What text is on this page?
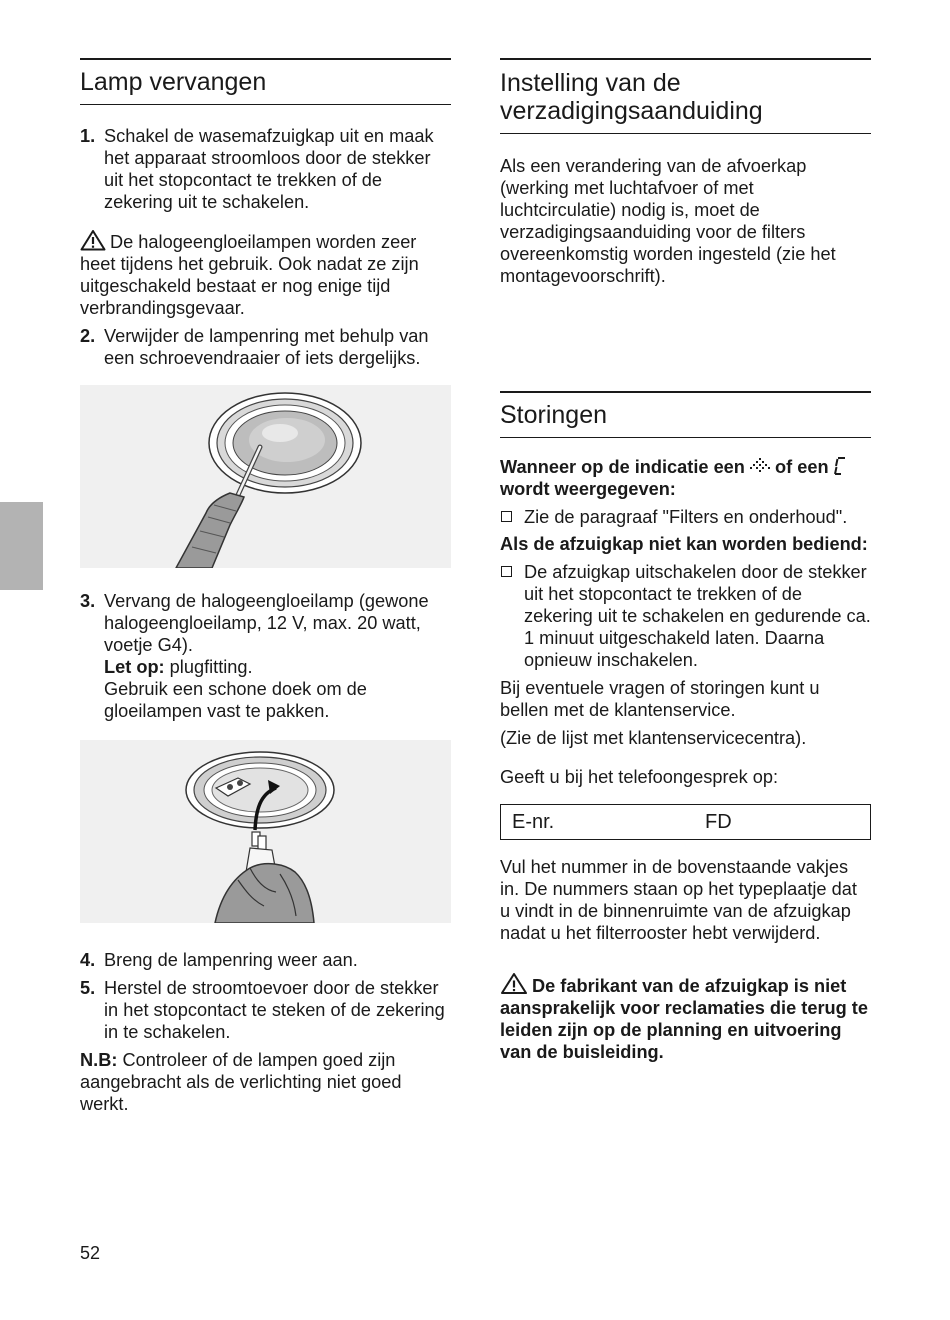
Lamp vervangen
1. Schakel de wasemafzuigkap uit en maak het apparaat stroomloos door de stekker uit het stopcontact te trekken of de zekering uit te schakelen.

De halogeengloeilampen worden zeer heet tijdens het gebruik. Ook nadat ze zijn uitgeschakeld bestaat er nog enige tijd verbrandingsgevaar.

2. Verwijder de lampenring met behulp van een schroevendraaier of iets dergelijks.
3. Vervang de halogeengloeilamp (gewone halogeengloeilamp, 12 V, max. 20 watt, voetje G4).
Let op: plugfitting.
Gebruik een schone doek om de gloeilampen vast te pakken.
4. Breng de lampenring weer aan.
5. Herstel de stroomtoevoer door de stekker in het stopcontact te steken of de zekering in te schakelen.

N.B: Controleer of de lampen goed zijn aangebracht als de verlichting niet goed werkt.

Instelling van de verzadigingsaanduiding

Als een verandering van de afvoerkap (werking met luchtafvoer of met luchtcirculatie) nodig is, moet de verzadigingsaanduiding voor de filters overeenkomstig worden ingesteld (zie het montagevoorschrift).

Storingen

Wanneer op de indicatie een  of een
wordt weergegeven:

Zie de paragraaf "Filters en onderhoud".

Als de afzuigkap niet kan worden bediend:

De afzuigkap uitschakelen door de stekker uit het stopcontact te trekken of de zekering uit te schakelen en gedurende ca. 1 minuut uitgeschakeld laten. Daarna opnieuw inschakelen.

Bij eventuele vragen of storingen kunt u bellen met de klantenservice.

(Zie de lijst met klantenservicecentra).

Geeft u bij het telefoongesprek op:

E-nr.	FD

Vul het nummer in de bovenstaande vakjes in. De nummers staan op het typeplaatje dat u vindt in de binnenruimte van de afzuigkap nadat u het filterrooster hebt verwijderd.

De fabrikant van de afzuigkap is niet aansprakelijk voor reclamaties die terug te leiden zijn op de planning en uitvoering van de buisleiding.

52
